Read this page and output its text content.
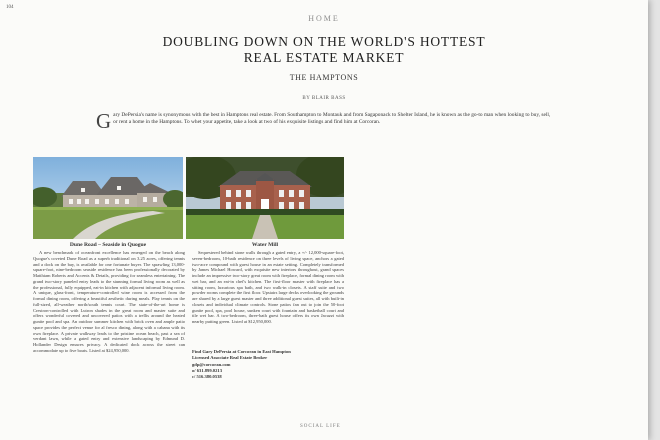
104
HOME
DOUBLING DOWN ON THE WORLD'S HOTTEST
REAL ESTATE MARKET
THE HAMPTONS
BY BLAIR BASS
Gary DePersia's name is synonymous with the best in Hamptons real estate. From Southampton to Montauk and from Sagaponack to Shelter Island, he is known as the go-to man when looking to buy, sell, or rent a home in the Hamptons. To whet your appetite, take a look at two of his exquisite listings and find him at Corcoran.
Dune Road – Seaside in Quogue	Water Mill
A new benchmark of oceanfront excellence has emerged on the beach along Quogue's coveted Dune Road as a superb traditional on 3.25 acres, offering tennis and a dock on the bay, is available for one fortunate buyer. The sprawling 13,000-square-foot, nine-bedroom seaside residence has been professionally decorated by Matthiam Roberts and Accents & Details, providing for seamless entertaining. The grand two-story paneled entry leads to the stunning formal living room as well as the professional, fully equipped, eat-in kitchen with adjacent informal living room. A unique, glass-front, temperature-controlled wine room is accessed from the formal dining room, offering a beautiful aesthetic during meals. Play tennis on the full-sized, all-weather north/south tennis court. The state-of-the-art home is Crestron-controlled with Lutron shades in the great room and master suite and offers wonderful covered and uncovered patios with a trellis around the heated gunite pool and spa. An outdoor summer kitchen with brick oven and ample patio space provides the perfect venue for al fresco dining, along with a cabana with its own fireplace. A private walkway leads to the pristine ocean beach, past a sea of verdant lawn, while a gated entry and extensive landscaping by Edmund D. Hollander Design ensures privacy. A dedicated dock across the street can accommodate up to five boats. Listed at $24,950,000.
Sequestered behind stone walls through a gated entry, a +/- 12,000-square-foot, seven-bedroom, 10-bath residence on three levels of living space, anchors a gated two-acre compound with guest house in an estate setting. Completely transformed by James Michael Howard, with exquisite new interiors throughout, grand spaces include an impressive two-story great room with fireplace, formal dining room with wet bar, and an eat-in chef's kitchen. The first-floor master with fireplace has a sitting room, luxurious spa bath, and two walk-in closets. A staff suite and two powder rooms complete the first floor. Upstairs large decks overlooking the grounds are shared by a large guest master and three additional guest suites, all with built-in closets and individual climate controls. Stone patios fan out to join the 50-foot gunite pool, spa, pool house, sunken court with fountain and basketball court and tile wet bar. A two-bedroom, three-bath guest house offers its own Jacuzzi with nearby putting green. Listed at $12,950,000.
Find Gary DePersia at Corcoran in East Hampton
Licensed Associate Real Estate Broker
gdp@corcoran.com
o/ 631.899.0213
c/ 516.380.0538
SOCIAL LIFE
